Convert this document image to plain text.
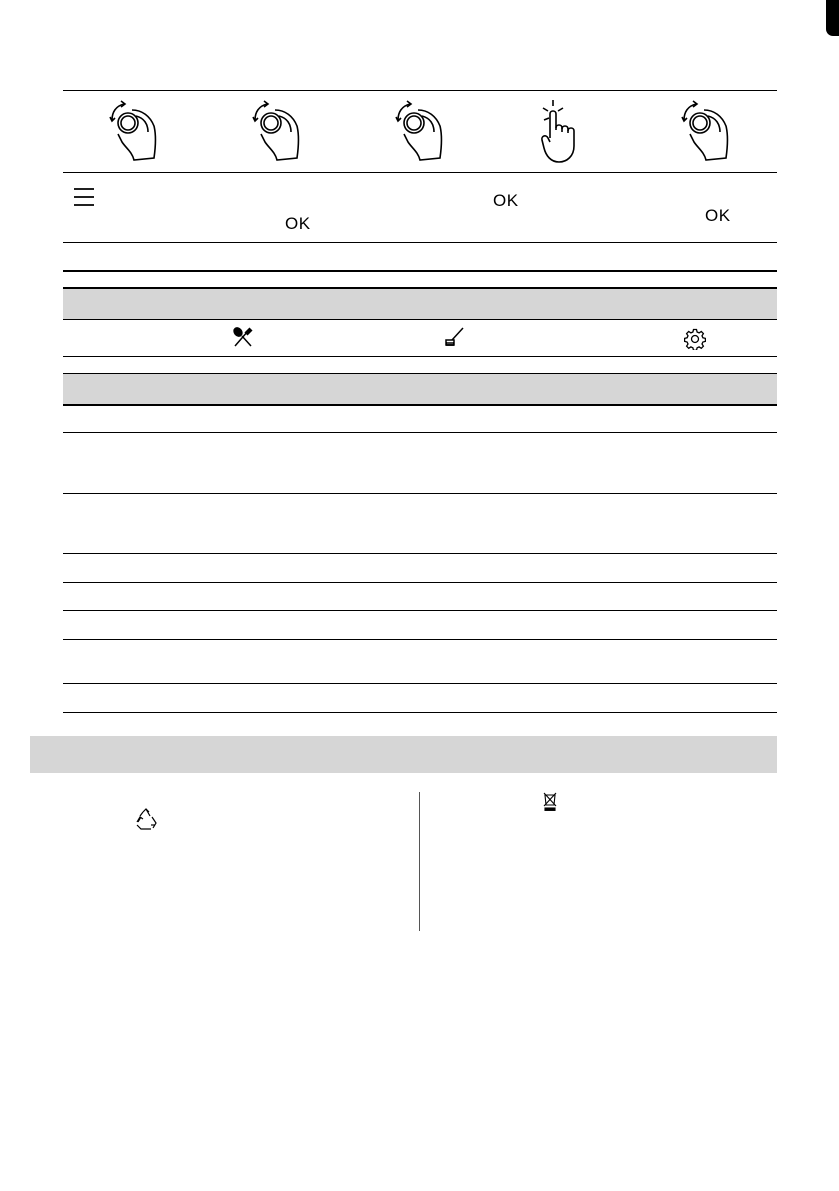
OK
OK	OK
